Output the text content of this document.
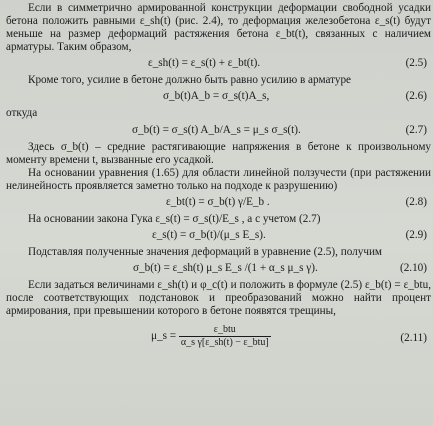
Если в симметрично армированной конструкции деформации свободной усадки бетона положить равными ε_sh(t) (рис. 2.4), то деформация железобетона ε_s(t) будут меньше на размер деформаций растяжения бетона ε_bt(t), связанных с наличием арматуры. Таким образом,

ε_sh(t) = ε_s(t) + ε_bt(t).	(2.5)

Кроме того, усилие в бетоне должно быть равно усилию в арматуре

σ_b(t)A_b = σ_s(t)A_s,	(2.6)

откуда

σ_b(t) = σ_s(t) A_b/A_s = μ_s σ_s(t).	(2.7)

Здесь σ_b(t) – средние растягивающие напряжения в бетоне к произвольному моменту времени t, вызванные его усадкой.

На основании уравнения (1.65) для области линейной ползучести (при растяжении нелинейность проявляется заметно только на подходе к разрушению)

ε_bt(t) = σ_b(t) γ/E_b .	(2.8)

На основании закона Гука ε_s(t) = σ_s(t)/E_s , а с учетом (2.7)

ε_s(t) = σ_b(t)/(μ_s E_s).	(2.9)

Подставляя полученные значения деформаций в уравнение (2.5), получим

σ_b(t) = ε_sh(t) μ_s E_s /(1 + α_s μ_s γ).	(2.10)

Если задаться величинами ε_sh(t) и φ_c(t) и положить в формуле (2.5) ε_b(t) = ε_btu, после соответствующих подстановок и преобразований можно найти процент армирования, при превышении которого в бетоне появятся трещины,

μ_s = $\frac{\text{ε\_btu}}{\text{α\_s γ[ε\_sh(t) − ε\_btu]}}$	(2.11)
